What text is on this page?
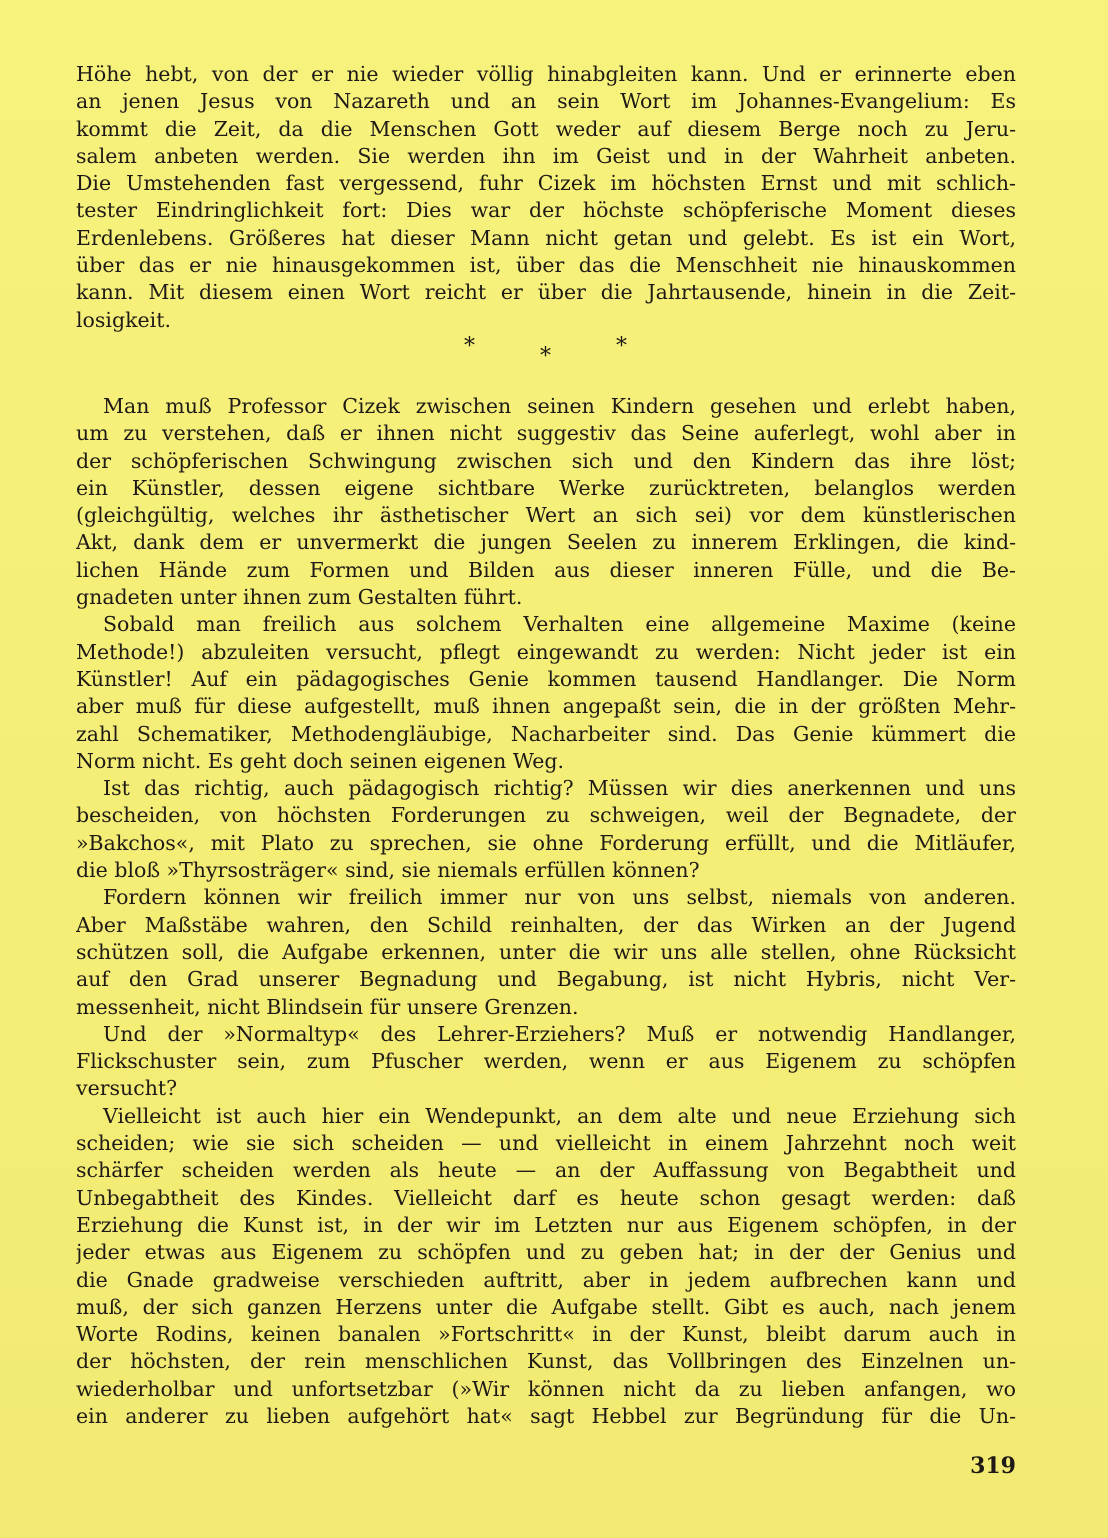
Höhe hebt, von der er nie wieder völlig hinabgleiten kann. Und er erinnerte eben
an jenen Jesus von Nazareth und an sein Wort im Johannes-Evangelium: Es
kommt die Zeit, da die Menschen Gott weder auf diesem Berge noch zu Jeru-
salem anbeten werden. Sie werden ihn im Geist und in der Wahrheit anbeten.
Die Umstehenden fast vergessend, fuhr Cizek im höchsten Ernst und mit schlich-
tester Eindringlichkeit fort: Dies war der höchste schöpferische Moment dieses
Erdenlebens. Größeres hat dieser Mann nicht getan und gelebt. Es ist ein Wort,
über das er nie hinausgekommen ist, über das die Menschheit nie hinauskommen
kann. Mit diesem einen Wort reicht er über die Jahrtausende, hinein in die Zeit-
losigkeit.
*	*	*
Man muß Professor Cizek zwischen seinen Kindern gesehen und erlebt haben,
um zu verstehen, daß er ihnen nicht suggestiv das Seine auferlegt, wohl aber in
der schöpferischen Schwingung zwischen sich und den Kindern das ihre löst;
ein Künstler, dessen eigene sichtbare Werke zurücktreten, belanglos werden
(gleichgültig, welches ihr ästhetischer Wert an sich sei) vor dem künstlerischen
Akt, dank dem er unvermerkt die jungen Seelen zu innerem Erklingen, die kind-
lichen Hände zum Formen und Bilden aus dieser inneren Fülle, und die Be-
gnadeten unter ihnen zum Gestalten führt.
Sobald man freilich aus solchem Verhalten eine allgemeine Maxime (keine
Methode!) abzuleiten versucht, pflegt eingewandt zu werden: Nicht jeder ist ein
Künstler! Auf ein pädagogisches Genie kommen tausend Handlanger. Die Norm
aber muß für diese aufgestellt, muß ihnen angepaßt sein, die in der größten Mehr-
zahl Schematiker, Methodengläubige, Nacharbeiter sind. Das Genie kümmert die
Norm nicht. Es geht doch seinen eigenen Weg.
Ist das richtig, auch pädagogisch richtig? Müssen wir dies anerkennen und uns
bescheiden, von höchsten Forderungen zu schweigen, weil der Begnadete, der
»Bakchos«, mit Plato zu sprechen, sie ohne Forderung erfüllt, und die Mitläufer,
die bloß »Thyrsosträger« sind, sie niemals erfüllen können?
Fordern können wir freilich immer nur von uns selbst, niemals von anderen.
Aber Maßstäbe wahren, den Schild reinhalten, der das Wirken an der Jugend
schützen soll, die Aufgabe erkennen, unter die wir uns alle stellen, ohne Rücksicht
auf den Grad unserer Begnadung und Begabung, ist nicht Hybris, nicht Ver-
messenheit, nicht Blindsein für unsere Grenzen.
Und der »Normaltyp« des Lehrer-Erziehers? Muß er notwendig Handlanger,
Flickschuster sein, zum Pfuscher werden, wenn er aus Eigenem zu schöpfen
versucht?
Vielleicht ist auch hier ein Wendepunkt, an dem alte und neue Erziehung sich
scheiden; wie sie sich scheiden — und vielleicht in einem Jahrzehnt noch weit
schärfer scheiden werden als heute — an der Auffassung von Begabtheit und
Unbegabtheit des Kindes. Vielleicht darf es heute schon gesagt werden: daß
Erziehung die Kunst ist, in der wir im Letzten nur aus Eigenem schöpfen, in der
jeder etwas aus Eigenem zu schöpfen und zu geben hat; in der der Genius und
die Gnade gradweise verschieden auftritt, aber in jedem aufbrechen kann und
muß, der sich ganzen Herzens unter die Aufgabe stellt. Gibt es auch, nach jenem
Worte Rodins, keinen banalen »Fortschritt« in der Kunst, bleibt darum auch in
der höchsten, der rein menschlichen Kunst, das Vollbringen des Einzelnen un-
wiederholbar und unfortsetzbar (»Wir können nicht da zu lieben anfangen, wo
ein anderer zu lieben aufgehört hat« sagt Hebbel zur Begründung für die Un-
319
